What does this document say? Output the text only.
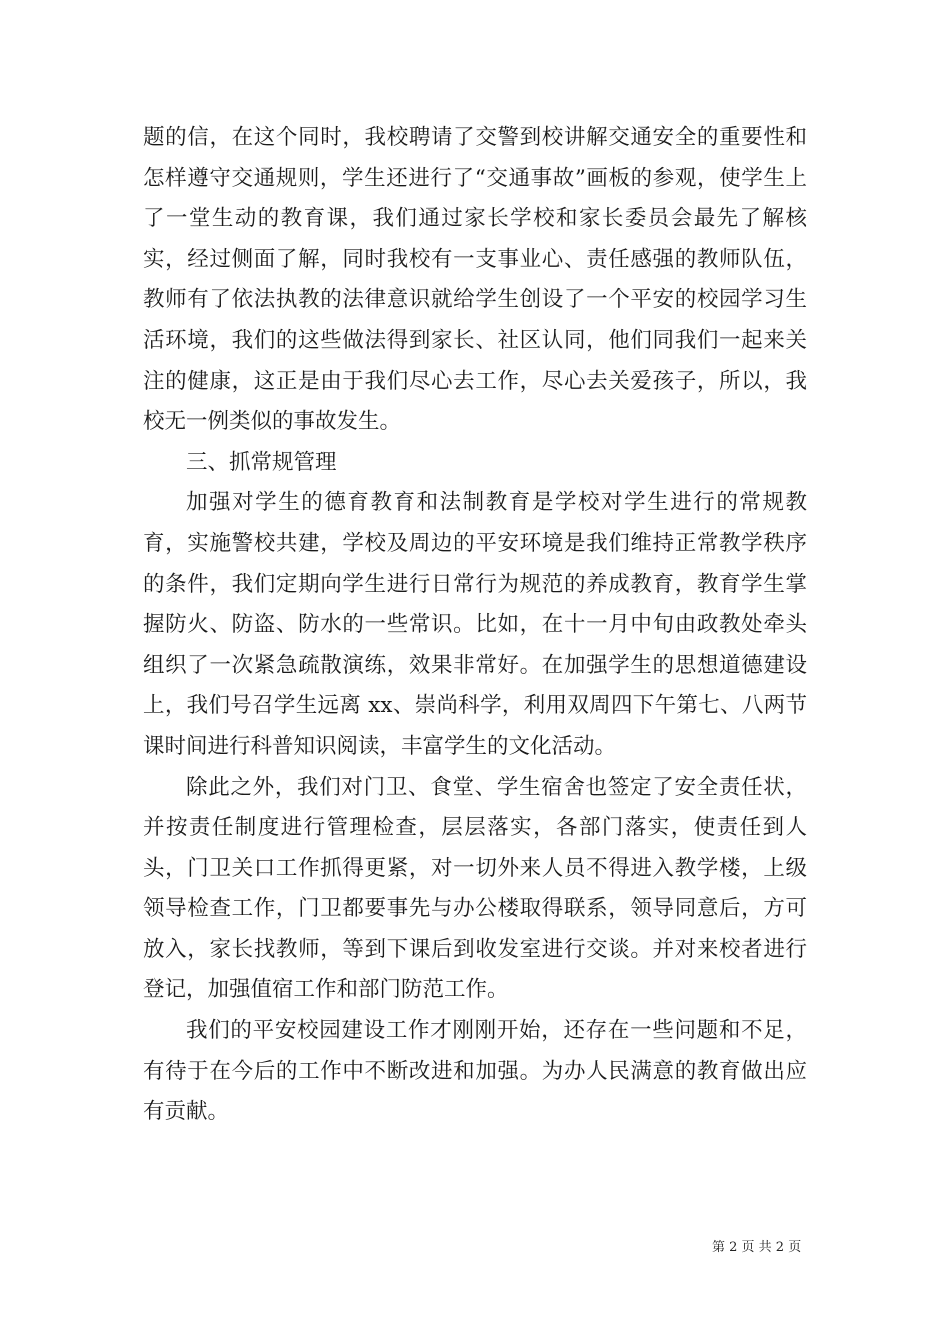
题的信，在这个同时，我校聘请了交警到校讲解交通安全的重要性和怎样遵守交通规则，学生还进行了“交通事故”画板的参观，使学生上了一堂生动的教育课，我们通过家长学校和家长委员会最先了解核实，经过侧面了解，同时我校有一支事业心、责任感强的教师队伍，教师有了依法执教的法律意识就给学生创设了一个平安的校园学习生活环境，我们的这些做法得到家长、社区认同，他们同我们一起来关注的健康，这正是由于我们尽心去工作，尽心去关爱孩子，所以，我校无一例类似的事故发生。

三、抓常规管理

加强对学生的德育教育和法制教育是学校对学生进行的常规教育，实施警校共建，学校及周边的平安环境是我们维持正常教学秩序的条件，我们定期向学生进行日常行为规范的养成教育，教育学生掌握防火、防盗、防水的一些常识。比如，在十一月中旬由政教处牵头组织了一次紧急疏散演练，效果非常好。在加强学生的思想道德建设上，我们号召学生远离 xx、崇尚科学，利用双周四下午第七、八两节课时间进行科普知识阅读，丰富学生的文化活动。

除此之外，我们对门卫、食堂、学生宿舍也签定了安全责任状，并按责任制度进行管理检查，层层落实，各部门落实，使责任到人头，门卫关口工作抓得更紧，对一切外来人员不得进入教学楼，上级领导检查工作，门卫都要事先与办公楼取得联系，领导同意后，方可放入，家长找教师，等到下课后到收发室进行交谈。并对来校者进行登记，加强值宿工作和部门防范工作。

我们的平安校园建设工作才刚刚开始，还存在一些问题和不足，有待于在今后的工作中不断改进和加强。为办人民满意的教育做出应有贡献。

第 2 页 共 2 页
